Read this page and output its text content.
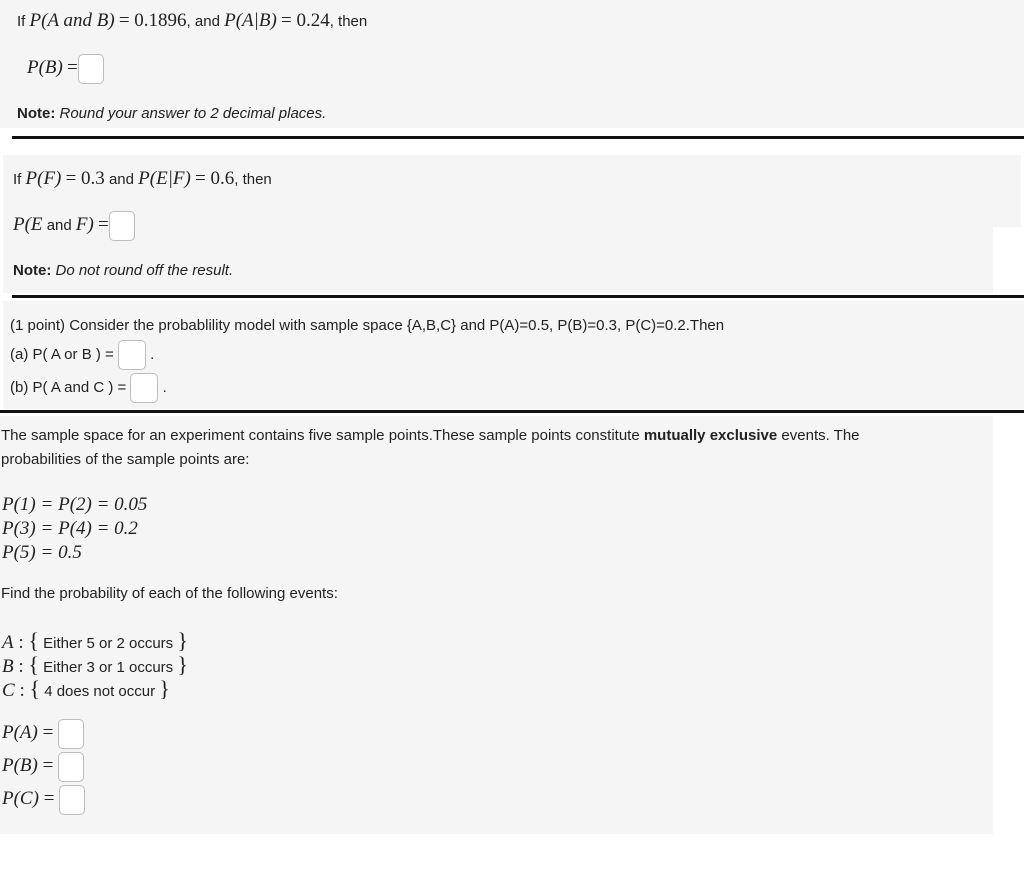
If P(A and B) = 0.1896, and P(A|B) = 0.24, then
P(B) =
Note: Round your answer to 2 decimal places.
If P(F) = 0.3 and P(E|F) = 0.6, then
P(E and F) =
Note: Do not round off the result.
(1 point) Consider the probablility model with sample space {A,B,C} and P(A)=0.5, P(B)=0.3, P(C)=0.2.Then
(a) P( A or B ) =  .
(b) P( A and C ) =  .
The sample space for an experiment contains five sample points.These sample points constitute mutually exclusive events. The
probabilities of the sample points are:
P(1) = P(2) = 0.05
P(3) = P(4) = 0.2
P(5) = 0.5
Find the probability of each of the following events:
A : { Either 5 or 2 occurs }
B : { Either 3 or 1 occurs }
C : { 4 does not occur }
P(A) =
P(B) =
P(C) =
